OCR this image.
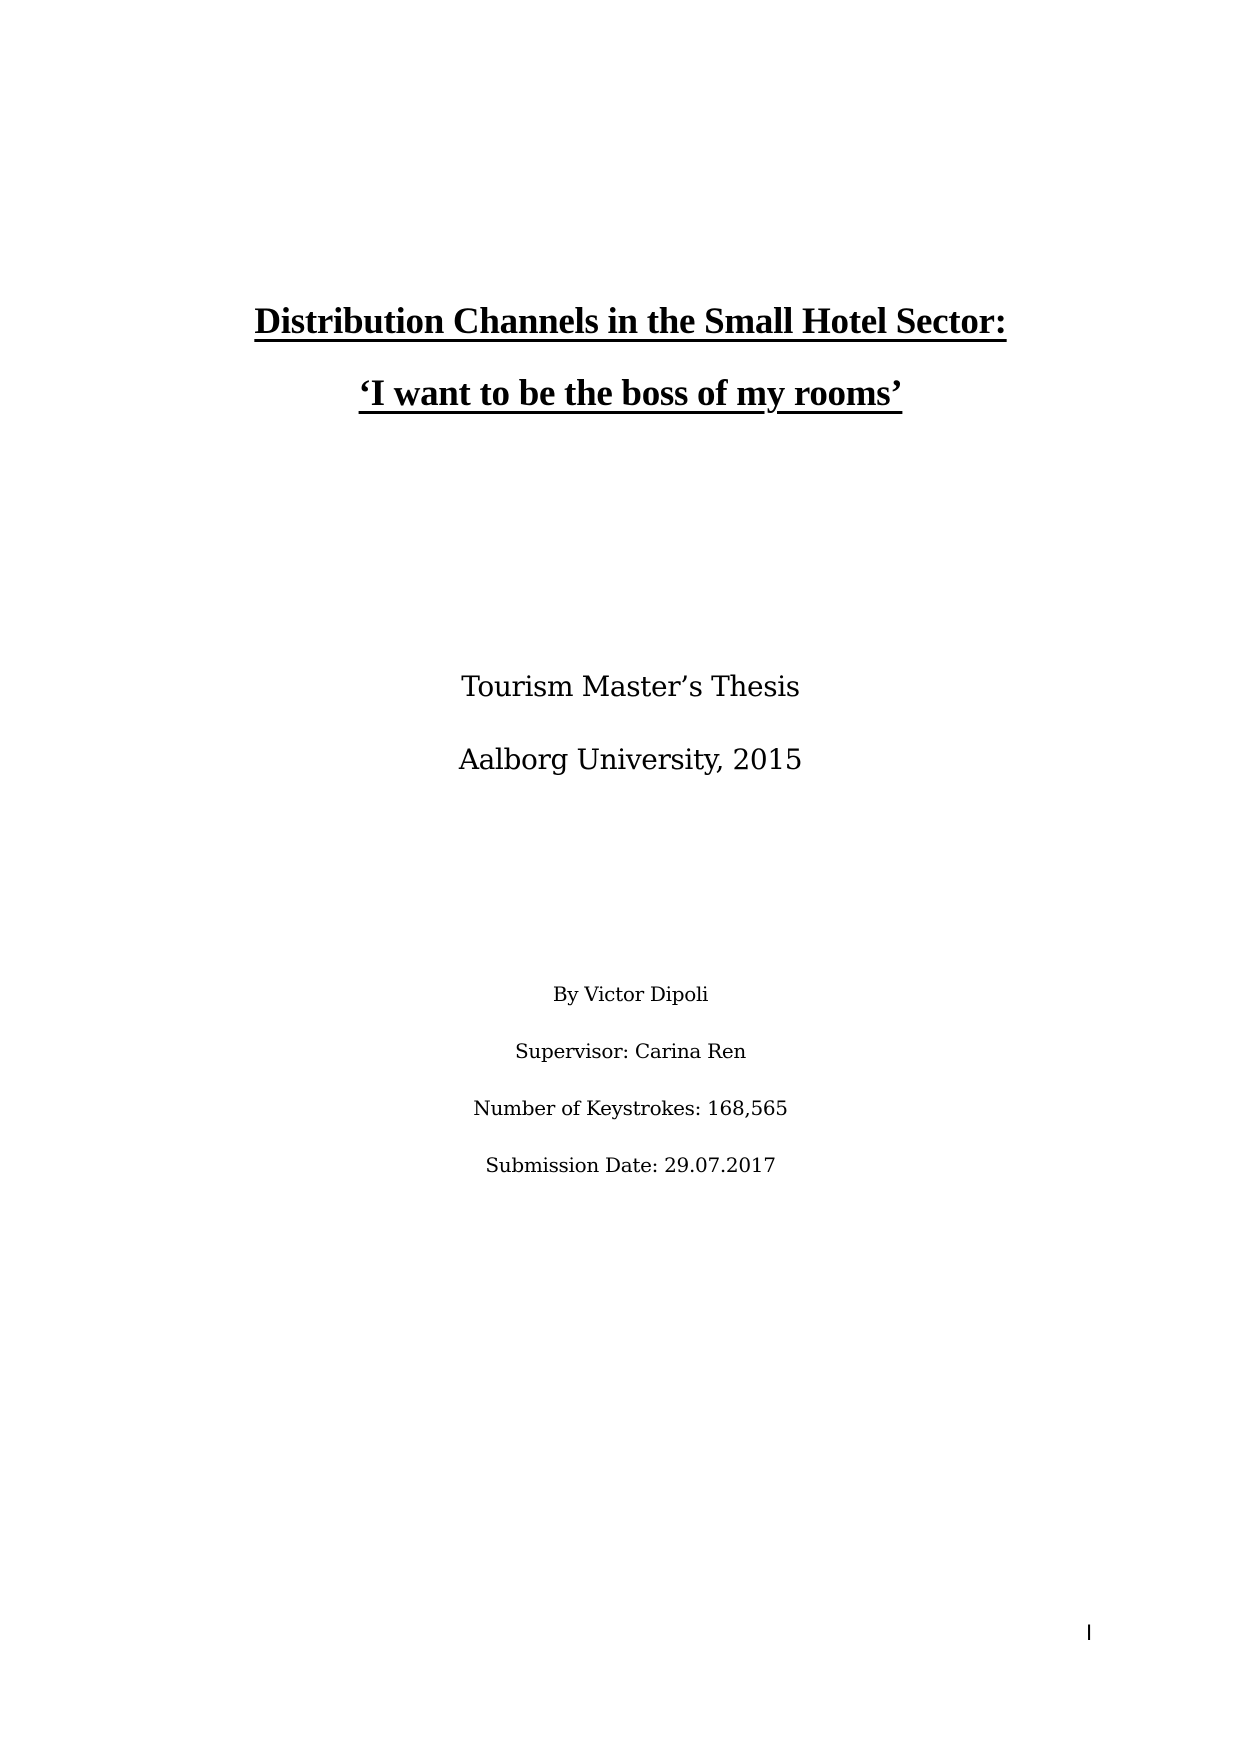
Distribution Channels in the Small Hotel Sector:
‘I want to be the boss of my rooms’
Tourism Master’s Thesis
Aalborg University, 2015
By Victor Dipoli
Supervisor: Carina Ren
Number of Keystrokes: 168,565
Submission Date: 29.07.2017
I
